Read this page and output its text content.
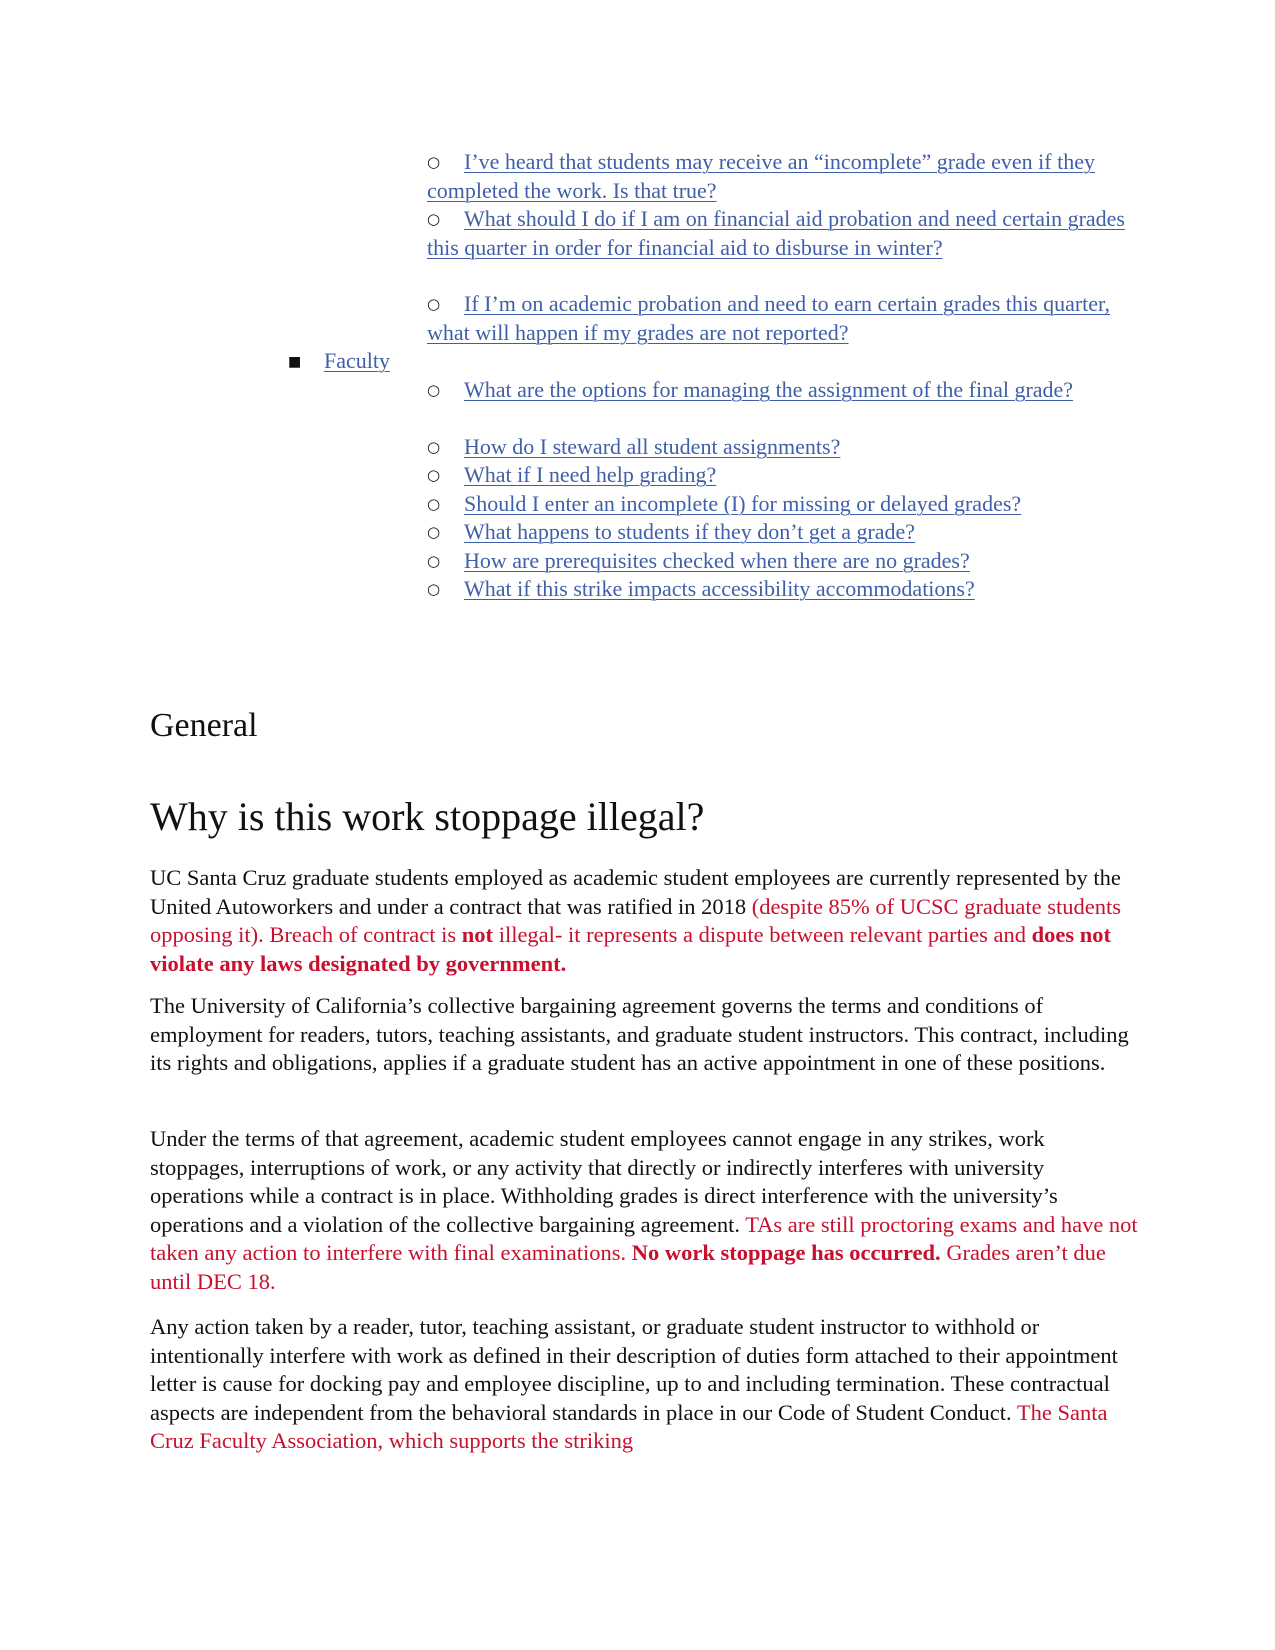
○ I’ve heard that students may receive an “incomplete” grade even if they completed the work. Is that true?
○ What should I do if I am on financial aid probation and need certain grades this quarter in order for financial aid to disburse in winter?
○ If I’m on academic probation and need to earn certain grades this quarter, what will happen if my grades are not reported?
■ Faculty
○ What are the options for managing the assignment of the final grade?
○ How do I steward all student assignments?
○ What if I need help grading?
○ Should I enter an incomplete (I) for missing or delayed grades?
○ What happens to students if they don’t get a grade?
○ How are prerequisites checked when there are no grades?
○ What if this strike impacts accessibility accommodations?
General
Why is this work stoppage illegal?

UC Santa Cruz graduate students employed as academic student employees are currently represented by the United Autoworkers and under a contract that was ratified in 2018 (despite 85% of UCSC graduate students opposing it). Breach of contract is not illegal- it represents a dispute between relevant parties and does not violate any laws designated by government.

The University of California’s collective bargaining agreement governs the terms and conditions of employment for readers, tutors, teaching assistants, and graduate student instructors. This contract, including its rights and obligations, applies if a graduate student has an active appointment in one of these positions.

Under the terms of that agreement, academic student employees cannot engage in any strikes, work stoppages, interruptions of work, or any activity that directly or indirectly interferes with university operations while a contract is in place. Withholding grades is direct interference with the university’s operations and a violation of the collective bargaining agreement. TAs are still proctoring exams and have not taken any action to interfere with final examinations. No work stoppage has occurred. Grades aren’t due until DEC 18.

Any action taken by a reader, tutor, teaching assistant, or graduate student instructor to withhold or intentionally interfere with work as defined in their description of duties form attached to their appointment letter is cause for docking pay and employee discipline, up to and including termination. These contractual aspects are independent from the behavioral standards in place in our Code of Student Conduct. The Santa Cruz Faculty Association, which supports the striking
